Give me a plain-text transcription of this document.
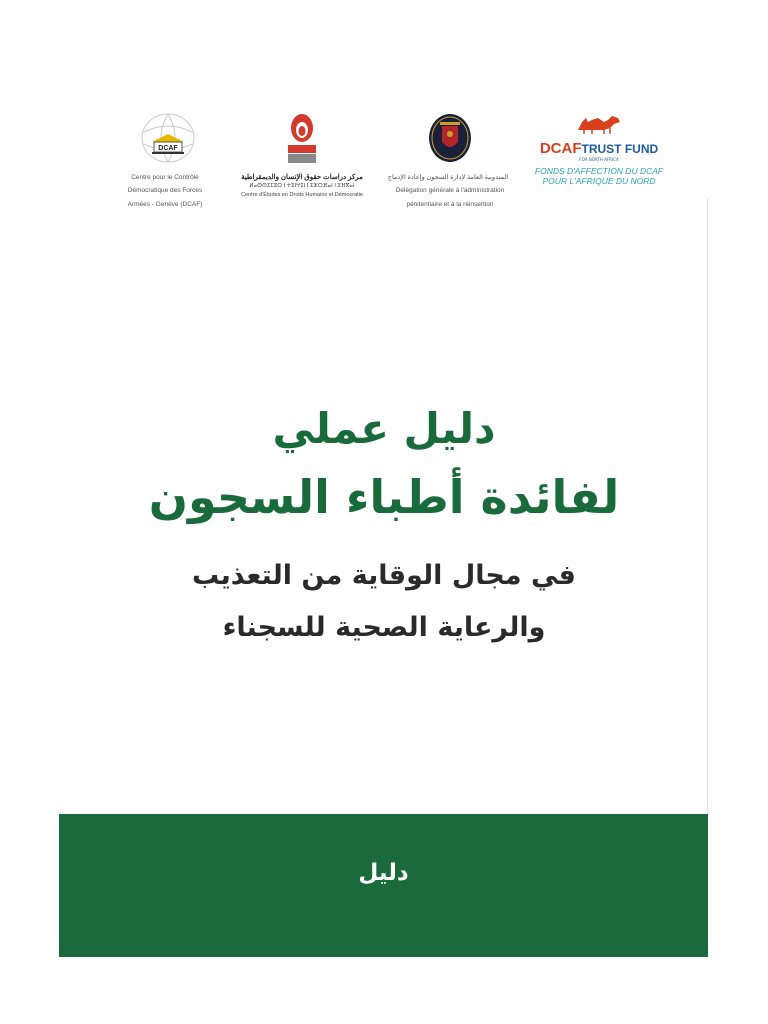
DCAF
Centre pour le Contrôle
Démocratique des Forces
Armées - Genève (DCAF)
مركز دراسات حقوق الإنسان والديمقراطية
ⵍⴰⵙⵙⵉⵎⵓⵔ ⵏ ⵜⵓⵏⵖⵉⵏ ⵏ ⵉⵣⵔⴼⴰⵏ ⵏ ⵓⴼⴳⴰⵏ
Centre d'Études en Droits Humains et Démocratie
المندوبية العامة لإدارة السجون وإعادة الإدماج
Délégation générale à l'administration
pénitentiaire et à la réinsertion
DCAFTRUST FUND
FOR NORTH AFRICA
FONDS D'AFFECTION DU DCAF
POUR L'AFRIQUE DU NORD
دليل عملي
لفائدة أطباء السجون
في مجال الوقاية من التعذيب
والرعاية الصحية للسجناء
دليل
